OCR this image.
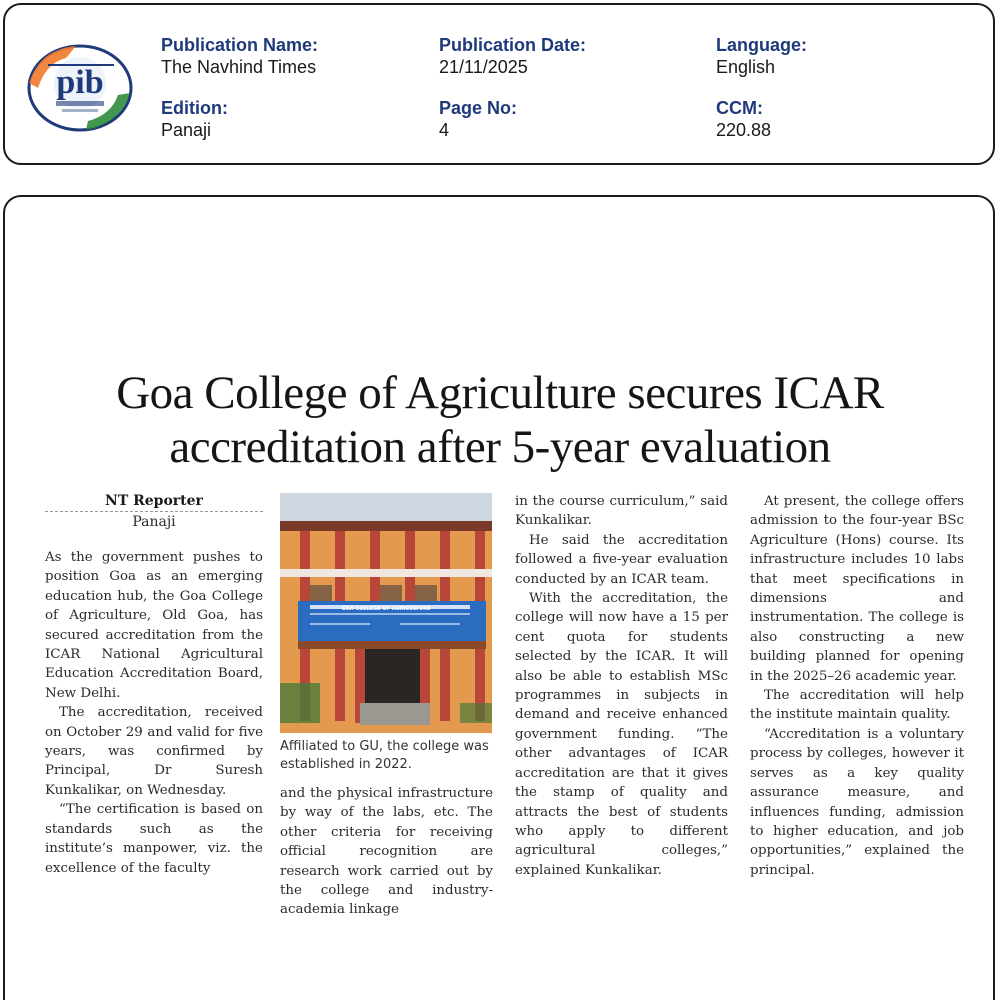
pib
Publication Name:
The Navhind Times
Publication Date:
21/11/2025
Language:
English
Edition:
Panaji
Page No:
4
CCM:
220.88
Goa College of Agriculture secures ICAR
accreditation after 5-year evaluation
NT Reporter
Panaji

As the government pushes to position Goa as an emerging education hub, the Goa College of Agriculture, Old Goa, has secured accreditation from the ICAR National Agricultural Education Accreditation Board, New Delhi.

The accreditation, received on October 29 and valid for five years, was confirmed by Principal, Dr Suresh Kunkalikar, on Wednesday.

“The certification is based on standards such as the institute’s manpower, viz. the excellence of the faculty

GOA COLLEGE OF AGRICULTURE
Affiliated to GU, the college was established in 2022.

and the physical infrastructure by way of the labs, etc. The other criteria for receiving official recognition are research work carried out by the college and industry-academia linkage

in the course curriculum,” said Kunkalikar.

He said the accreditation followed a five-year evaluation conducted by an ICAR team.

With the accreditation, the college will now have a 15 per cent quota for students selected by the ICAR. It will also be able to establish MSc programmes in subjects in demand and receive enhanced government funding. “The other advantages of ICAR accreditation are that it gives the stamp of quality and attracts the best of students who apply to different agricultural colleges,” explained Kunkalikar.

At present, the college offers admission to the four-year BSc Agriculture (Hons) course. Its infrastructure includes 10 labs that meet specifications in dimensions and instrumentation. The college is also constructing a new building planned for opening in the 2025–26 academic year.

The accreditation will help the institute maintain quality.

“Accreditation is a voluntary process by colleges, however it serves as a key quality assurance measure, and influences funding, admission to higher education, and job opportunities,” explained the principal.
